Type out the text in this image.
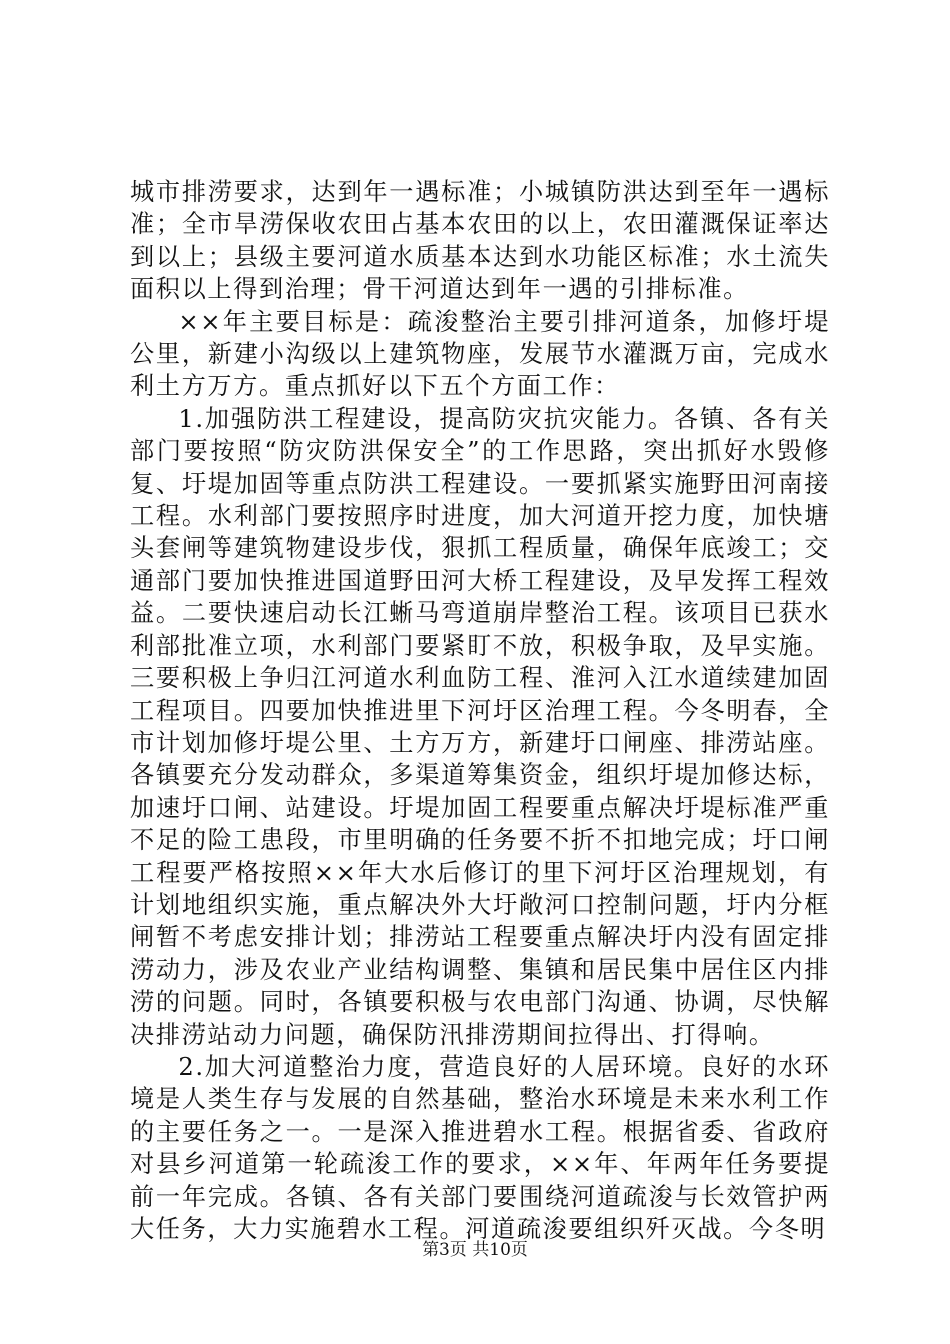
城市排涝要求，达到年一遇标准；小城镇防洪达到至年一遇标准；全市旱涝保收农田占基本农田的以上，农田灌溉保证率达到以上；县级主要河道水质基本达到水功能区标准；水土流失面积以上得到治理；骨干河道达到年一遇的引排标准。

××年主要目标是：疏浚整治主要引排河道条，加修圩堤公里，新建小沟级以上建筑物座，发展节水灌溉万亩，完成水利土方万方。重点抓好以下五个方面工作：

1.加强防洪工程建设，提高防灾抗灾能力。各镇、各有关部门要按照“防灾防洪保安全”的工作思路，突出抓好水毁修复、圩堤加固等重点防洪工程建设。一要抓紧实施野田河南接工程。水利部门要按照序时进度，加大河道开挖力度，加快塘头套闸等建筑物建设步伐，狠抓工程质量，确保年底竣工；交通部门要加快推进国道野田河大桥工程建设，及早发挥工程效益。二要快速启动长江蜥马弯道崩岸整治工程。该项目已获水利部批准立项，水利部门要紧盯不放，积极争取，及早实施。三要积极上争归江河道水利血防工程、淮河入江水道续建加固工程项目。四要加快推进里下河圩区治理工程。今冬明春，全市计划加修圩堤公里、土方万方，新建圩口闸座、排涝站座。各镇要充分发动群众，多渠道筹集资金，组织圩堤加修达标，加速圩口闸、站建设。圩堤加固工程要重点解决圩堤标准严重不足的险工患段，市里明确的任务要不折不扣地完成；圩口闸工程要严格按照××年大水后修订的里下河圩区治理规划，有计划地组织实施，重点解决外大圩敞河口控制问题，圩内分框闸暂不考虑安排计划；排涝站工程要重点解决圩内没有固定排涝动力，涉及农业产业结构调整、集镇和居民集中居住区内排涝的问题。同时，各镇要积极与农电部门沟通、协调，尽快解决排涝站动力问题，确保防汛排涝期间拉得出、打得响。

2.加大河道整治力度，营造良好的人居环境。良好的水环境是人类生存与发展的自然基础，整治水环境是未来水利工作的主要任务之一。一是深入推进碧水工程。根据省委、省政府对县乡河道第一轮疏浚工作的要求，××年、年两年任务要提前一年完成。各镇、各有关部门要围绕河道疏浚与长效管护两大任务，大力实施碧水工程。河道疏浚要组织歼灭战。今冬明

第3页 共10页
